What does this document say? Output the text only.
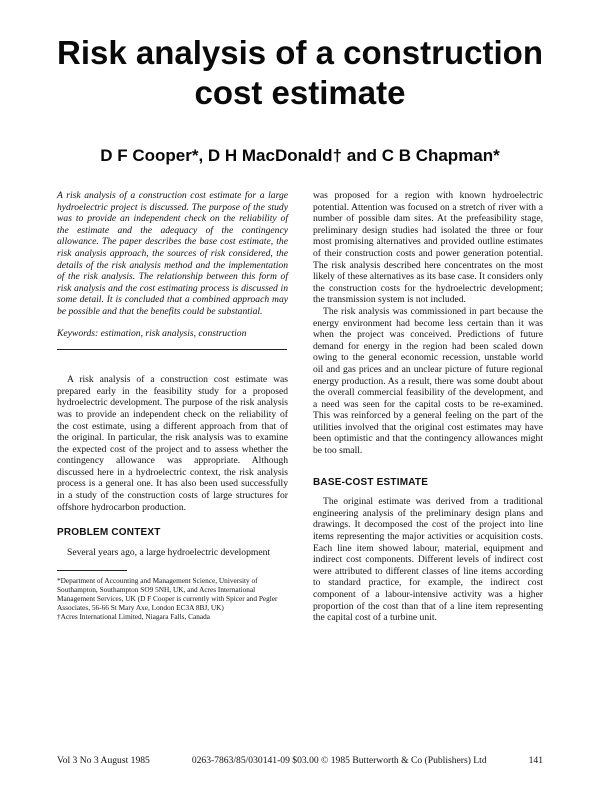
Risk analysis of a construction
cost estimate
D F Cooper*, D H MacDonald† and C B Chapman*

A risk analysis of a construction cost estimate for a large hydroelectric project is discussed. The purpose of the study was to provide an independent check on the reliability of the estimate and the adequacy of the contingency allowance. The paper describes the base cost estimate, the risk analysis approach, the sources of risk considered, the details of the risk analysis method and the implementation of the risk analysis. The relationship between this form of risk analysis and the cost estimating process is discussed in some detail. It is concluded that a combined approach may be possible and that the benefits could be substantial.

Keywords: estimation, risk analysis, construction

A risk analysis of a construction cost estimate was prepared early in the feasibility study for a proposed hydroelectric development. The purpose of the risk analysis was to provide an independent check on the reliability of the cost estimate, using a different approach from that of the original. In particular, the risk analysis was to examine the expected cost of the project and to assess whether the contingency allowance was appropriate. Although discussed here in a hydroelectric context, the risk analysis process is a general one. It has also been used successfully in a study of the construction costs of large structures for offshore hydrocarbon production.

PROBLEM CONTEXT

Several years ago, a large hydroelectric development

*Department of Accounting and Management Science, University of Southampton, Southampton SO9 5NH, UK, and Acres International Management Services, UK (D F Cooper is currently with Spicer and Pegler Associates, 56-66 St Mary Axe, London EC3A 8BJ, UK)
†Acres International Limited, Niagara Falls, Canada

was proposed for a region with known hydroelectric potential. Attention was focused on a stretch of river with a number of possible dam sites. At the prefeasibility stage, preliminary design studies had isolated the three or four most promising alternatives and provided outline estimates of their construction costs and power generation potential. The risk analysis described here concentrates on the most likely of these alternatives as its base case. It considers only the construction costs for the hydroelectric development; the transmission system is not included.

The risk analysis was commissioned in part because the energy environment had become less certain than it was when the project was conceived. Predictions of future demand for energy in the region had been scaled down owing to the general economic recession, unstable world oil and gas prices and an unclear picture of future regional energy production. As a result, there was some doubt about the overall commercial feasibility of the development, and a need was seen for the capital costs to be re-examined. This was reinforced by a general feeling on the part of the utilities involved that the original cost estimates may have been optimistic and that the contingency allowances might be too small.

BASE-COST ESTIMATE

The original estimate was derived from a traditional engineering analysis of the preliminary design plans and drawings. It decomposed the cost of the project into line items representing the major activities or acquisition costs. Each line item showed labour, material, equipment and indirect cost components. Different levels of indirect cost were attributed to different classes of line items according to standard practice, for example, the indirect cost component of a labour-intensive activity was a higher proportion of the cost than that of a line item representing the capital cost of a turbine unit.

Vol 3 No 3 August 1985	0263-7863/85/030141-09 $03.00 © 1985 Butterworth & Co (Publishers) Ltd	141
